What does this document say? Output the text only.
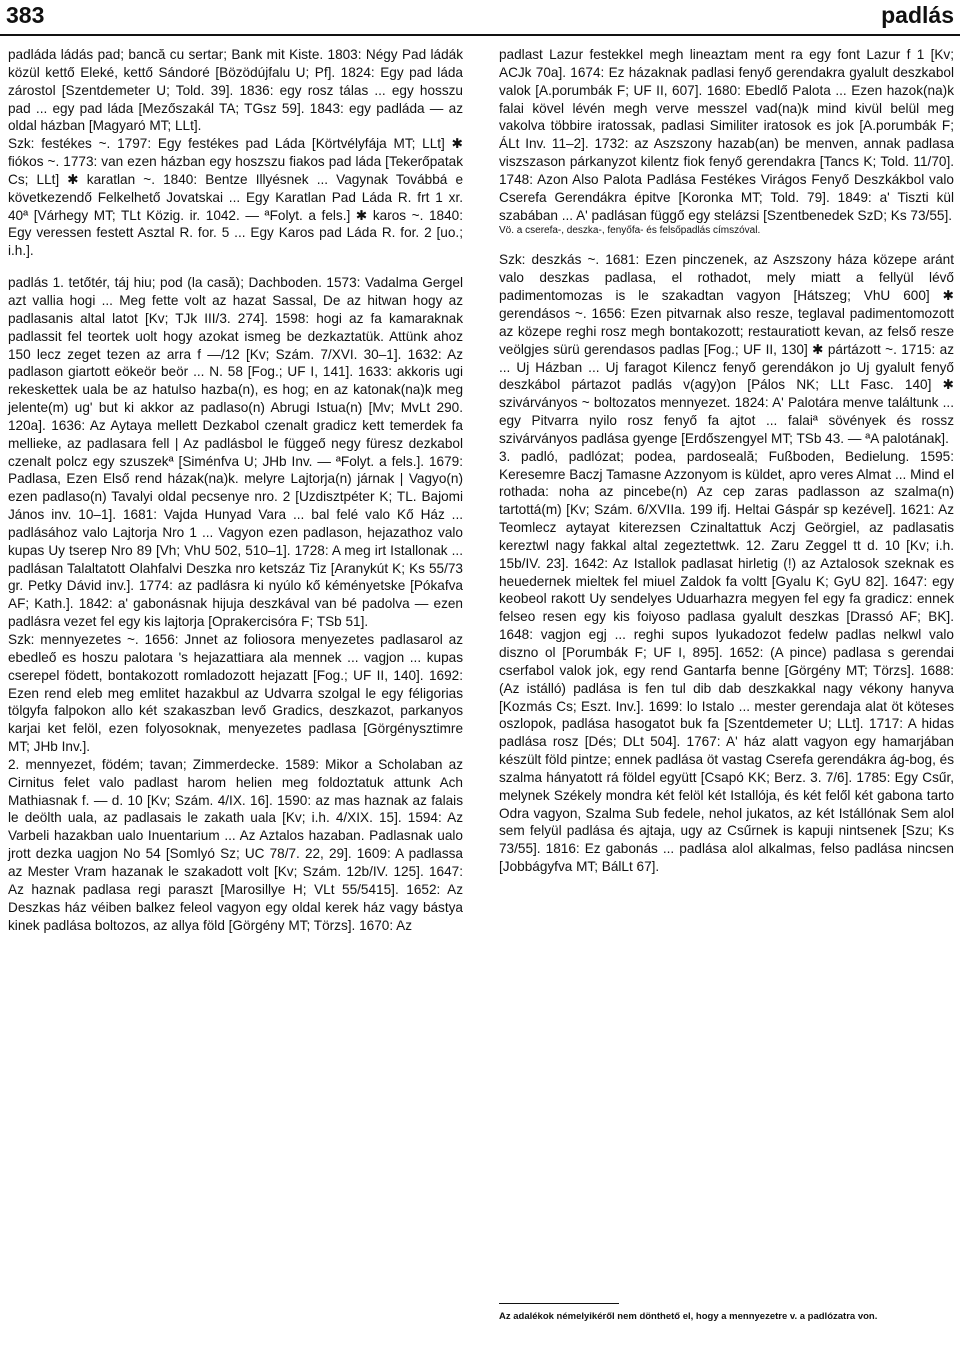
383	padlás

padláda ládás pad; bancă cu sertar; Bank mit Kiste. 1803: Négy Pad ládák közül kettő Eleké, kettő Sándoré [Bözödújfalu U; Pf]. 1824: Egy pad láda zárostol [Szentdemeter U; Told. 39]. 1836: egy rosz tálas ... egy hosszu pad ... egy pad láda [Mezőszakál TA; TGsz 59]. 1843: egy padláda — az oldal házban [Magyaró MT; LLt].

Szk: festékes ~. 1797: Egy festékes pad Láda [Körtvélyfája MT; LLt] ✱ fiókos ~. 1773: van ezen házban egy hoszszu fiakos pad láda [Tekerőpatak Cs; LLt] ✱ karatlan ~. 1840: Bentze Illyésnek ... Vagynak Továbbá e következendő Felkelhető Jovatskai ... Egy Karatlan Pad Láda R. frt 1 xr. 40ª [Várhegy MT; TLt Közig. ir. 1042. — ªFolyt. a fels.] ✱ karos ~. 1840: Egy veressen festett Asztal R. for. 5 ... Egy Karos pad Láda R. for. 2 [uo.; i.h.].

padlás 1. tetőtér, táj hiu; pod (la casă); Dachboden. 1573: Vadalma Gergel azt vallia hogi ... Meg fette volt az hazat Sassal, De az hitwan hogy az padlasanis altal latot [Kv; TJk III/3. 274]. 1598: hogi az fa kamaraknak padlassit fel teortek uolt hogy azokat ismeg be dezkaztatük. Attünk ahoz 150 lecz zeget tezen az arra f —/12 [Kv; Szám. 7/XVI. 30–1]. 1632: Az padlason giartott eökeör beör ... N. 58 [Fog.; UF I, 141]. 1633: akkoris ugi rekeskettek uala be az hatulso hazba(n), es hog; en az katonak(na)k meg jelente(m) ug' but ki akkor az padlaso(n) Abrugi Istua(n) [Mv; MvLt 290. 120a]. 1636: Az Aytaya mellett Dezkabol czenalt gradicz kett temerdek fa mellieke, az padlasara fell | Az padlásbol le függeő negy füresz dezkabol czenalt polcz egy szuszekª [Siménfva U; JHb Inv. — ªFolyt. a fels.]. 1679: Padlasa, Ezen Első rend házak(na)k. melyre Lajtorja(n) járnak | Vagyo(n) ezen padlaso(n) Tavalyi oldal pecsenye nro. 2 [Uzdisztpéter K; TL. Bajomi János inv. 10–1]. 1681: Vajda Hunyad Vara ... bal felé valo Kő Ház ... padlásához valo Lajtorja Nro 1 ... Vagyon ezen padlason, hejazathoz valo kupas Uy tserep Nro 89 [Vh; VhU 502, 510–1]. 1728: A meg irt Istallonak ... padlásan Talaltatott Olahfalvi Deszka nro ketszáz Tiz [Aranykút K; Ks 55/73 gr. Petky Dávid inv.]. 1774: az padlásra ki nyúlo kő kéményetske [Pókafva AF; Kath.]. 1842: a' gabonásnak hijuja deszkával van bé padolva — ezen padlásra vezet fel egy kis lajtorja [Oprakercisóra F; TSb 51].

Szk: mennyezetes ~. 1656: Jnnet az foliosora menyezetes padlasarol az ebedleő es hoszu palotara 's hejazattiara ala mennek ... vagjon ... kupas cserepel födett, bontakozott romladozott hejazatt [Fog.; UF II, 140]. 1692: Ezen rend eleb meg emlitet hazakbul az Udvarra szolgal le egy féligorias tölgyfa falpokon allo két szakaszban levő Gradics, deszkazot, parkanyos karjai ket felöl, ezen folyosoknak, menyezetes padlasa [Görgénysztimre MT; JHb Inv.].

2. mennyezet, födém; tavan; Zimmerdecke. 1589: Mikor a Scholaban az Cirnitus felet valo padlast harom helien meg foldoztatuk attunk Ach Mathiasnak f. — d. 10 [Kv; Szám. 4/IX. 16]. 1590: az mas haznak az falais le deölth uala, az padlasais le zakath uala [Kv; i.h. 4/XIX. 15]. 1594: Az Varbeli hazakban ualo Inuentarium ... Az Aztalos hazaban. Padlasnak ualo jrott dezka uagjon No 54 [Somlyó Sz; UC 78/7. 22, 29]. 1609: A padlassa az Mester Vram hazanak le szakadott volt [Kv; Szám. 12b/IV. 125]. 1647: Az haznak padlasa regi paraszt [Marosillye H; VLt 55/5415]. 1652: Az Deszkas ház véiben balkez feleol vagyon egy oldal kerek ház vagy bástya kinek padlása boltozos, az allya föld [Görgény MT; Törzs]. 1670: Az

padlast Lazur festekkel megh lineaztam ment ra egy font Lazur f 1 [Kv; ACJk 70a]. 1674: Ez házaknak padlasi fenyő gerendakra gyalult deszkabol valok [A.porumbák F; UF II, 607]. 1680: Ebedlő Palota ... Ezen hazok(na)k falai kövel lévén megh verve messzel vad(na)k mind kivül belül meg vakolva többire iratossak, padlasi Similiter iratosok es jok [A.porumbák F; ÁLt Inv. 11–2]. 1732: az Aszszony hazab(an) be menven, annak padlasa viszszason párkanyzot kilentz fiok fenyő gerendakra [Tancs K; Told. 11/70]. 1748: Azon Also Palota Padlása Festékes Virágos Fenyő Deszkákbol valo Cserefa Gerendákra épitve [Koronka MT; Told. 79]. 1849: a' Tiszti kül szabában ... A' padlásan függő egy stelázsi [Szentbenedek SzD; Ks 73/55].

Vö. a cserefa-, deszka-, fenyőfa- és felsőpadlás címszóval.

Szk: deszkás ~. 1681: Ezen pinczenek, az Aszszony háza közepe aránt valo deszkas padlasa, el rothadot, mely miatt a fellyül lévő padimentomozas is le szakadtan vagyon [Hátszeg; VhU 600] ✱ gerendásos ~. 1656: Ezen pitvarnak also resze, teglaval padimentomozott az közepe reghi rosz megh bontakozott; restauratiott kevan, az felső resze veölgjes sürü gerendasos padlas [Fog.; UF II, 130] ✱ pártázott ~. 1715: az ... Uj Házban ... Uj faragot Kilencz fenyő gerendákon jo Uj gyalult fenyő deszkábol pártazot padlás v(agy)on [Pálos NK; LLt Fasc. 140] ✱ szivárványos ~ boltozatos mennyezet. 1824: A' Palotára menve találtunk ... egy Pitvarra nyilo rosz fenyő fa ajtot ... falaiª sövények és rossz szivárványos padlása gyenge [Erdőszengyel MT; TSb 43. — ªA palotának].

3. padló, padlózat; podea, pardoseală; Fußboden, Bedielung. 1595: Keresemre Baczj Tamasne Azzonyom is küldet, apro veres Almat ... Mind el rothada: noha az pincebe(n) Az cep zaras padlasson az szalma(n) tartottá(m) [Kv; Szám. 6/XVIIa. 199 ifj. Heltai Gáspár sp kezével]. 1621: Az Teomlecz aytayat kiterezsen Czinaltattuk Aczj Geörgiel, az padlasatis kereztwl nagy fakkal altal zegeztettwk. 12. Zaru Zeggel tt d. 10 [Kv; i.h. 15b/IV. 23]. 1642: Az Istallok padlasat hirletig (!) az Aztalosok szeknak es heuedernek mieltek fel miuel Zaldok fa voltt [Gyalu K; GyU 82]. 1647: egy keobeol rakott Uy sendelyes Uduarhazra megyen fel egy fa gradicz: ennek felseo resen egy kis foiyoso padlasa gyalult deszkas [Drassó AF; BK]. 1648: vagjon egj ... reghi supos lyukadozot fedelw padlas nelkwl valo diszno ol [Porumbák F; UF I, 895]. 1652: (A pince) padlasa s gerendai cserfabol valok jok, egy rend Gantarfa benne [Görgény MT; Törzs]. 1688: (Az istálló) padlása is fen tul dib dab deszkakkal nagy vékony hanyva [Kozmás Cs; Eszt. Inv.]. 1699: lo Istalo ... mester gerendaja alat öt köteses oszlopok, padlása hasogatot buk fa [Szentdemeter U; LLt]. 1717: A hidas padlása rosz [Dés; DLt 504]. 1767: A' ház alatt vagyon egy hamarjában készült föld pintze; ennek padlása öt vastag Cserefa gerendákra ág-bog, és szalma hányatott rá földel együtt [Csapó KK; Berz. 3. 7/6]. 1785: Egy Csűr, melynek Székely mondra két felöl két Istallója, és két felől két gabona tarto Odra vagyon, Szalma Sub fedele, nehol jukatos, az két Istállónak Sem alol sem felyül padlása és ajtaja, ugy az Csűrnek is kapuji nintsenek [Szu; Ks 73/55]. 1816: Ez gabonás ... padlása alol alkalmas, felso padlása nincsen [Jobbágyfva MT; BálLt 67].

Az adalékok némelyikéről nem dönthető el, hogy a mennyezetre v. a padlózatra von.
